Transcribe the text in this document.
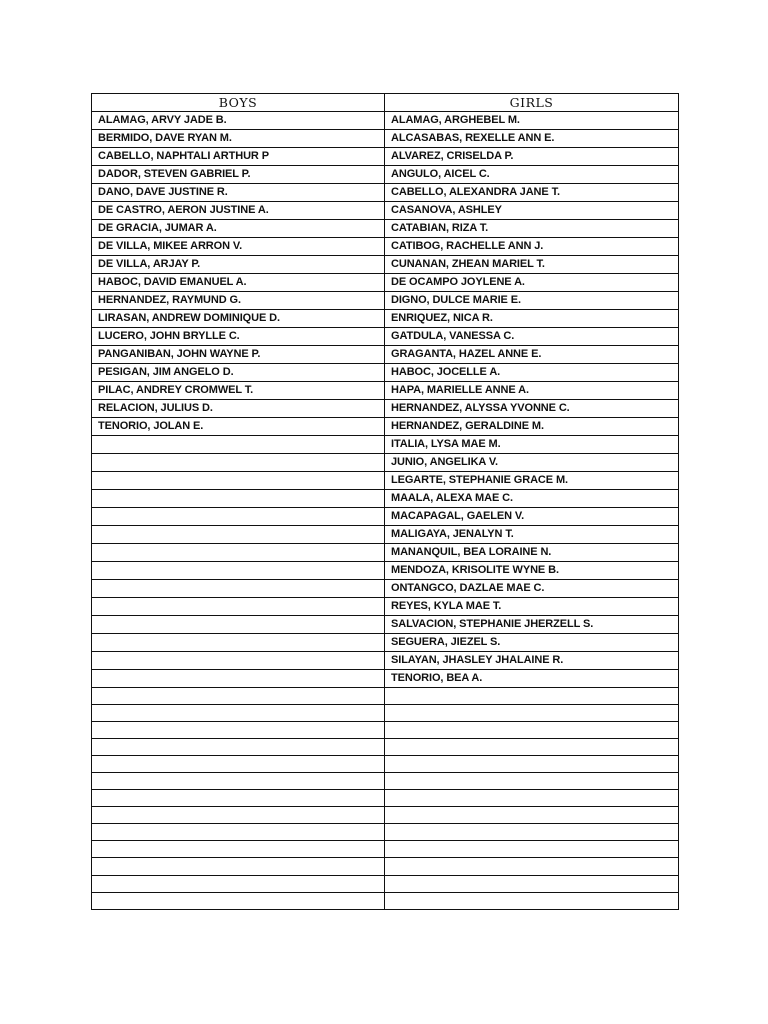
BOYS	GIRLS
ALAMAG, ARVY JADE B.	ALAMAG, ARGHEBEL M.
BERMIDO, DAVE RYAN M.	ALCASABAS, REXELLE ANN E.
CABELLO, NAPHTALI ARTHUR P	ALVAREZ, CRISELDA P.
DADOR, STEVEN GABRIEL P.	ANGULO, AICEL C.
DANO, DAVE JUSTINE R.	CABELLO, ALEXANDRA JANE T.
DE CASTRO, AERON JUSTINE A.	CASANOVA, ASHLEY
DE GRACIA, JUMAR A.	CATABIAN, RIZA T.
DE VILLA, MIKEE ARRON V.	CATIBOG, RACHELLE ANN J.
DE VILLA, ARJAY P.	CUNANAN, ZHEAN MARIEL T.
HABOC, DAVID EMANUEL A.	DE OCAMPO JOYLENE A.
HERNANDEZ, RAYMUND G.	DIGNO, DULCE MARIE E.
LIRASAN, ANDREW DOMINIQUE D.	ENRIQUEZ, NICA R.
LUCERO, JOHN BRYLLE C.	GATDULA, VANESSA C.
PANGANIBAN, JOHN WAYNE P.	GRAGANTA, HAZEL ANNE E.
PESIGAN, JIM ANGELO D.	HABOC, JOCELLE A.
PILAC, ANDREY CROMWEL T.	HAPA, MARIELLE ANNE A.
RELACION, JULIUS D.	HERNANDEZ, ALYSSA YVONNE C.
TENORIO, JOLAN E.	HERNANDEZ, GERALDINE M.
	ITALIA, LYSA MAE M.
	JUNIO, ANGELIKA V.
	LEGARTE, STEPHANIE GRACE M.
	MAALA, ALEXA MAE C.
	MACAPAGAL, GAELEN V.
	MALIGAYA, JENALYN T.
	MANANQUIL, BEA LORAINE N.
	MENDOZA, KRISOLITE WYNE B.
	ONTANGCO, DAZLAE MAE C.
	REYES, KYLA MAE T.
	SALVACION, STEPHANIE JHERZELL S.
	SEGUERA, JIEZEL S.
	SILAYAN, JHASLEY JHALAINE R.
	TENORIO, BEA A.
